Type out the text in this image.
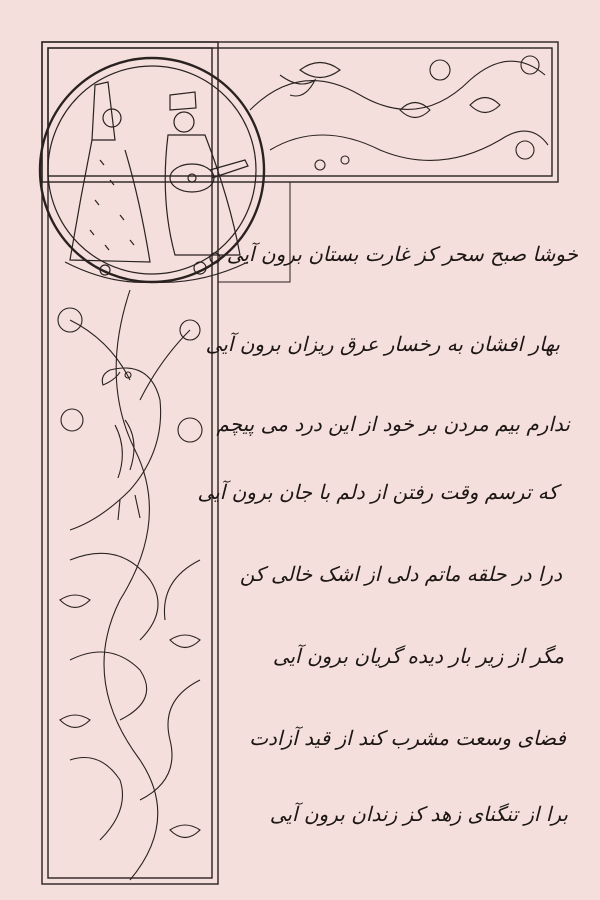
خوشا صبح سحر کز غارت بستان برون آیی
بهار افشان به رخسار عرق ریزان برون آیی
ندارم بیم مردن بر خود از این درد می پیچم
که ترسم وقت رفتن از دلم با جان برون آیی
درا در حلقه ماتم دلی از اشک خالی کن
مگر از زیر بار دیده گریان برون آیی
فضای وسعت مشرب کند از قید آزادت
برا از تنگنای زهد کز زندان برون آیی
